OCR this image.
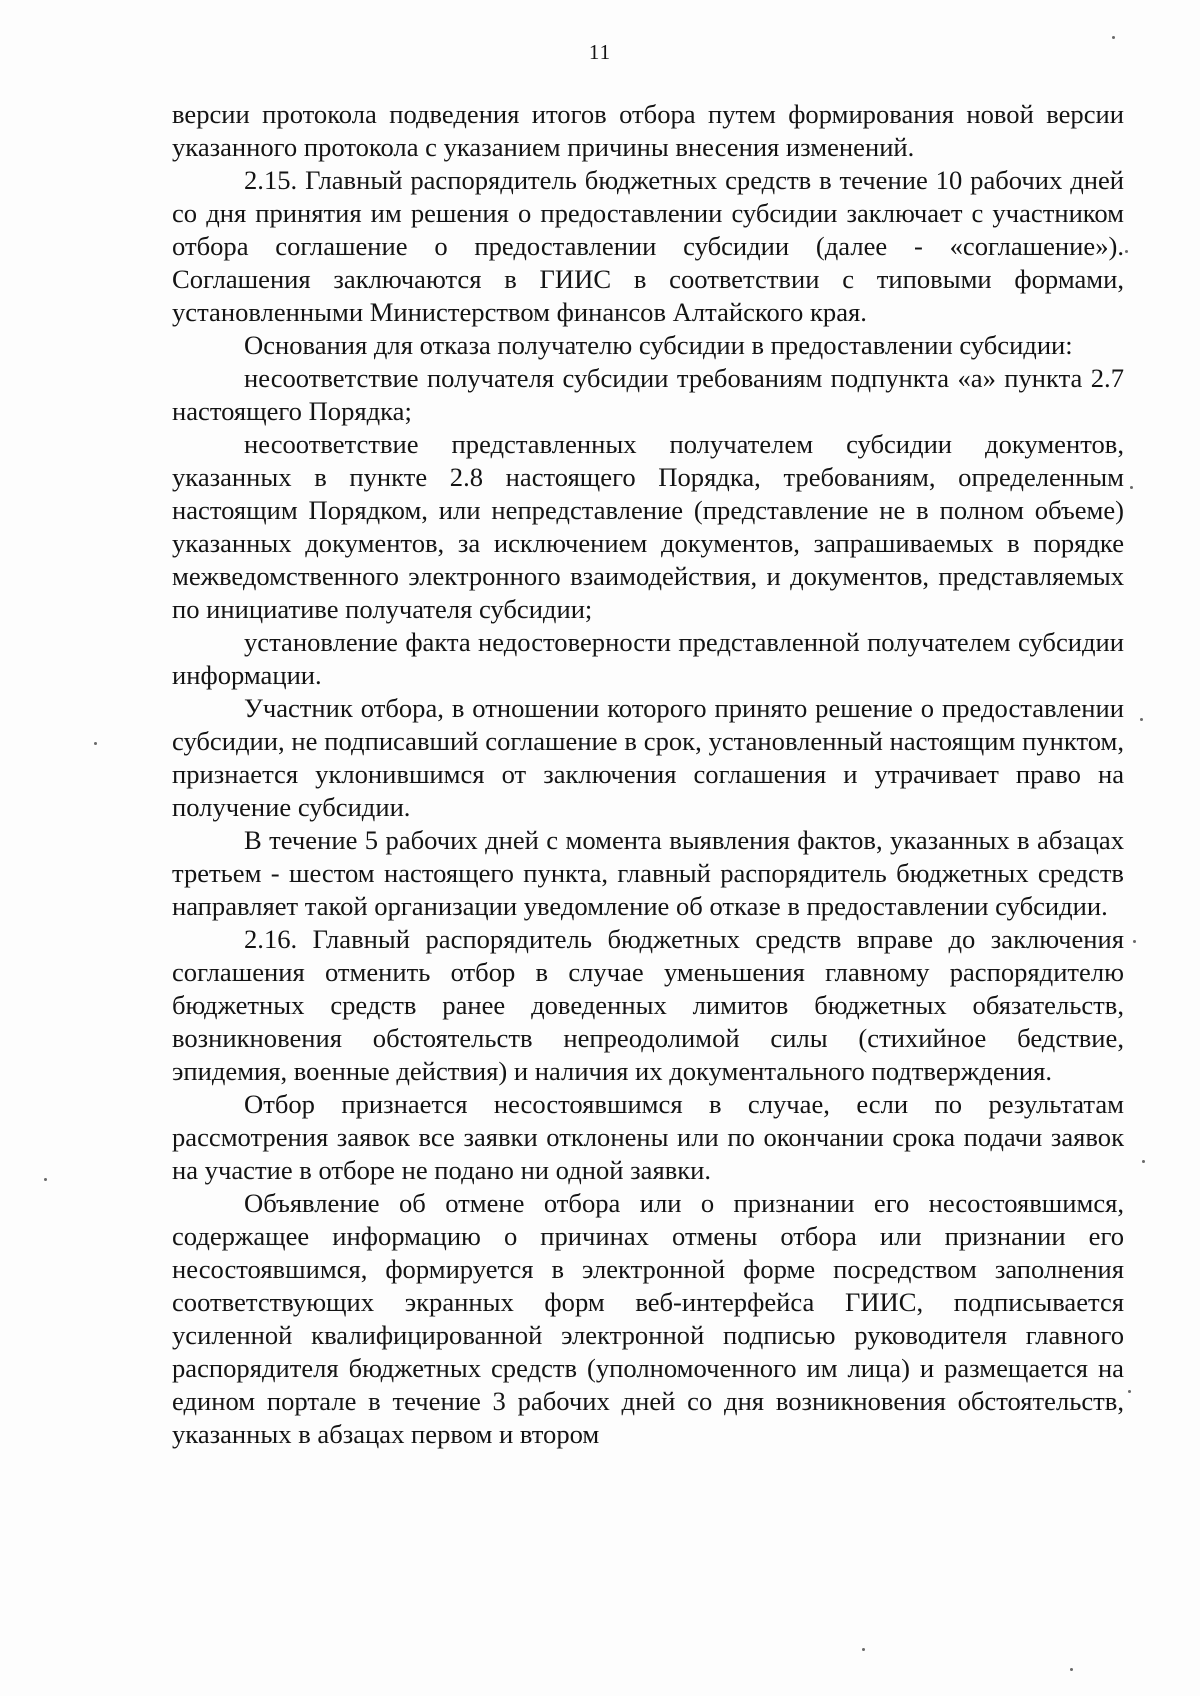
11

версии протокола подведения итогов отбора путем формирования новой версии указанного протокола с указанием причины внесения изменений.

2.15. Главный распорядитель бюджетных средств в течение 10 рабочих дней со дня принятия им решения о предоставлении субсидии заключает с участником отбора соглашение о предоставлении субсидии (далее - «соглашение»). Соглашения заключаются в ГИИС в соответствии с типовыми формами, установленными Министерством финансов Алтайского края.

Основания для отказа получателю субсидии в предоставлении субсидии:

несоответствие получателя субсидии требованиям подпункта «а» пункта 2.7 настоящего Порядка;

несоответствие представленных получателем субсидии документов, указанных в пункте 2.8 настоящего Порядка, требованиям, определенным настоящим Порядком, или непредставление (представление не в полном объеме) указанных документов, за исключением документов, запрашиваемых в порядке межведомственного электронного взаимодействия, и документов, представляемых по инициативе получателя субсидии;

установление факта недостоверности представленной получателем субсидии информации.

Участник отбора, в отношении которого принято решение о предоставлении субсидии, не подписавший соглашение в срок, установленный настоящим пунктом, признается уклонившимся от заключения соглашения и утрачивает право на получение субсидии.

В течение 5 рабочих дней с момента выявления фактов, указанных в абзацах третьем - шестом настоящего пункта, главный распорядитель бюджетных средств направляет такой организации уведомление об отказе в предоставлении субсидии.

2.16. Главный распорядитель бюджетных средств вправе до заключения соглашения отменить отбор в случае уменьшения главному распорядителю бюджетных средств ранее доведенных лимитов бюджетных обязательств, возникновения обстоятельств непреодолимой силы (стихийное бедствие, эпидемия, военные действия) и наличия их документального подтверждения.

Отбор признается несостоявшимся в случае, если по результатам рассмотрения заявок все заявки отклонены или по окончании срока подачи заявок на участие в отборе не подано ни одной заявки.

Объявление об отмене отбора или о признании его несостоявшимся, содержащее информацию о причинах отмены отбора или признании его несостоявшимся, формируется в электронной форме посредством заполнения соответствующих экранных форм веб-интерфейса ГИИС, подписывается усиленной квалифицированной электронной подписью руководителя главного распорядителя бюджетных средств (уполномоченного им лица) и размещается на едином портале в течение 3 рабочих дней со дня возникновения обстоятельств, указанных в абзацах первом и втором
